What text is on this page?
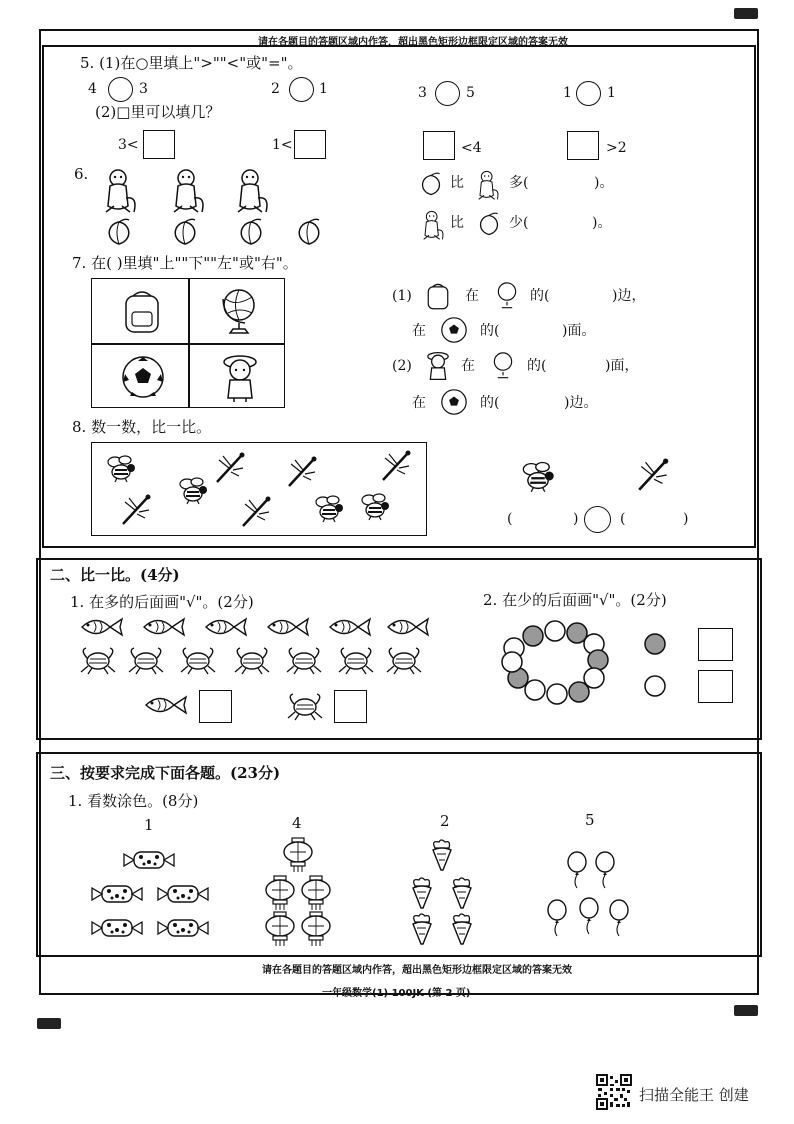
请在各题目的答题区域内作答，超出黑色矩形边框限定区域的答案无效
5. (1)在○里填上">""<"或"="。
4	3	2	1	3	5	1	1
(2)□里可以填几？
3<	1<	<4	>2
6.	比	多(	)。
比	少(	)。
7. 在( )里填"上""下""左"或"右"。
(1)	在	的(	)边，
在	的(	)面。
(2)	在	的(	)面，
在	的(	)边。
8. 数一数，比一比。
(	)	(	)
二、比一比。(4分)
1. 在多的后面画"√"。(2分)	2. 在少的后面画"√"。(2分)
三、按要求完成下面各题。(23分)
1. 看数涂色。(8分)
1	4	2	5
请在各题目的答题区域内作答，超出黑色矩形边框限定区域的答案无效
一年级数学(1) 100JK (第 2 页)
扫描全能王 创建
